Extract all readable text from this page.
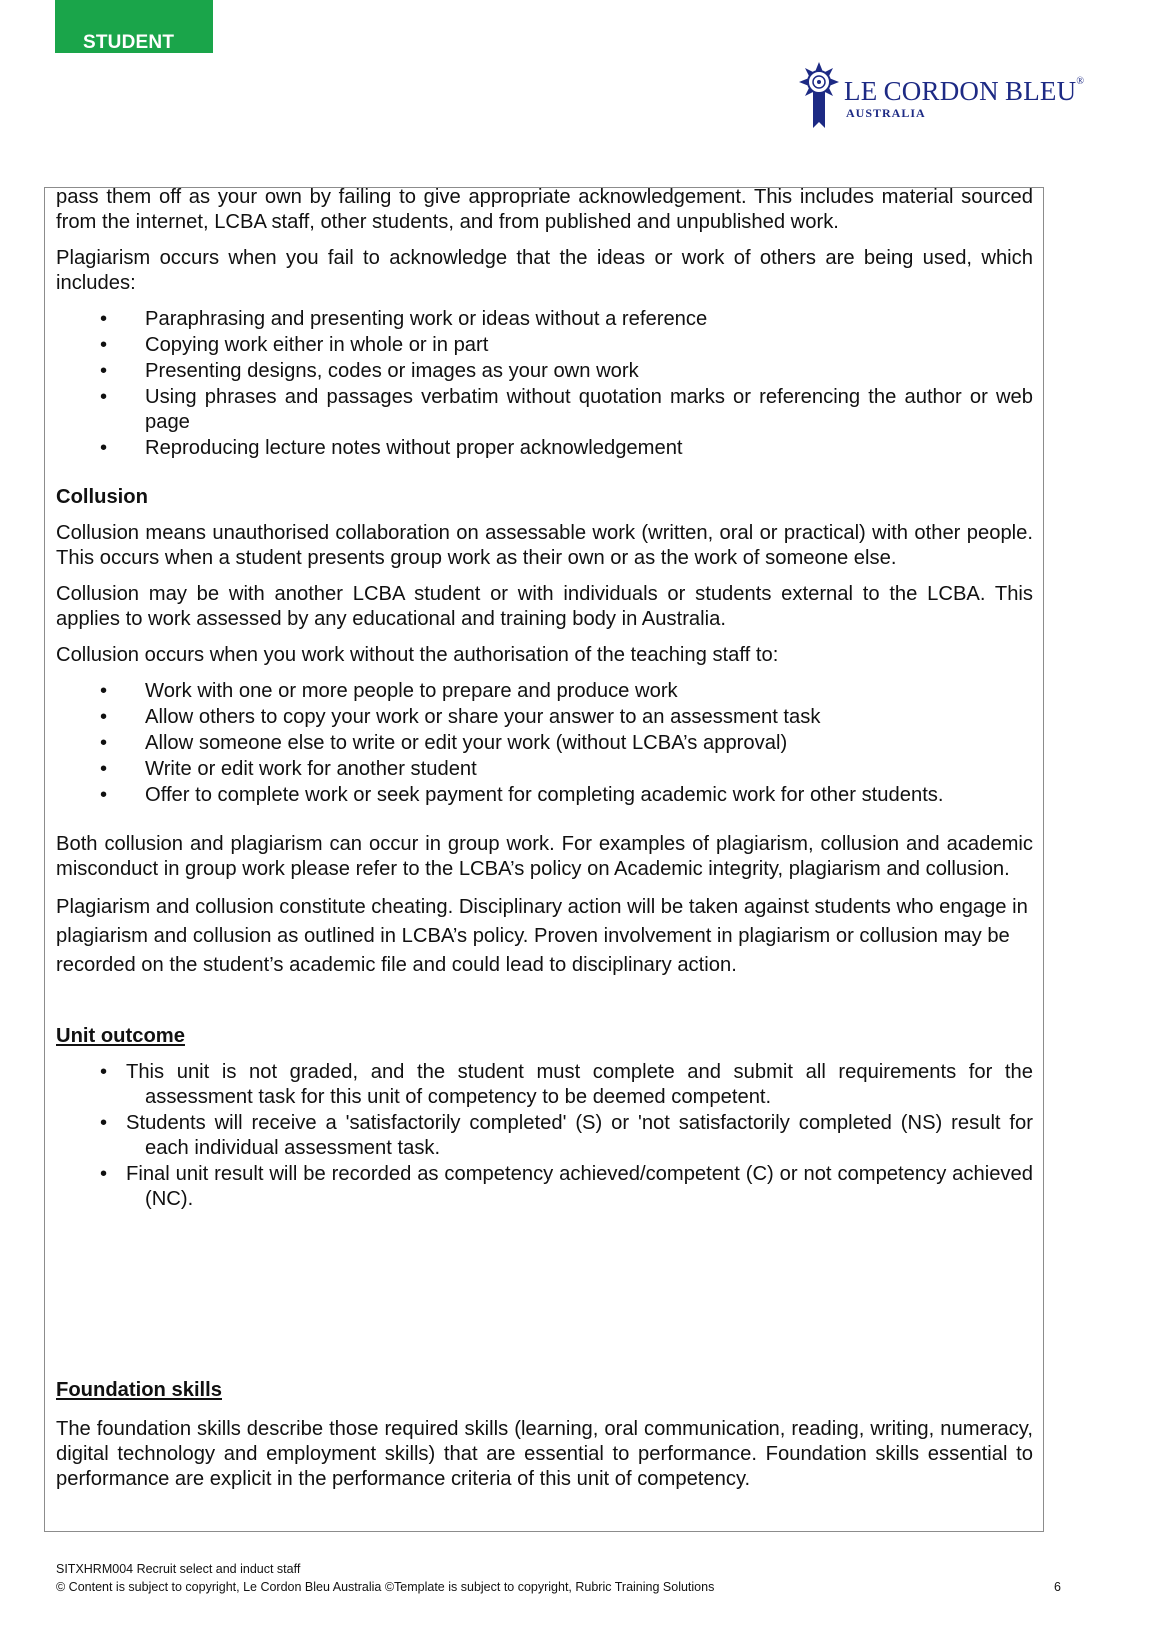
STUDENT
LE CORDON BLEU®
AUSTRALIA

pass them off as your own by failing to give appropriate acknowledgement. This includes material sourced from the internet, LCBA staff, other students, and from published and unpublished work.

Plagiarism occurs when you fail to acknowledge that the ideas or work of others are being used, which includes:

• Paraphrasing and presenting work or ideas without a reference
• Copying work either in whole or in part
• Presenting designs, codes or images as your own work
• Using phrases and passages verbatim without quotation marks or referencing the author or web page
• Reproducing lecture notes without proper acknowledgement
Collusion

Collusion means unauthorised collaboration on assessable work (written, oral or practical) with other people. This occurs when a student presents group work as their own or as the work of someone else.

Collusion may be with another LCBA student or with individuals or students external to the LCBA. This applies to work assessed by any educational and training body in Australia.

Collusion occurs when you work without the authorisation of the teaching staff to:

• Work with one or more people to prepare and produce work
• Allow others to copy your work or share your answer to an assessment task
• Allow someone else to write or edit your work (without LCBA’s approval)
• Write or edit work for another student
• Offer to complete work or seek payment for completing academic work for other students.

Both collusion and plagiarism can occur in group work. For examples of plagiarism, collusion and academic misconduct in group work please refer to the LCBA’s policy on Academic integrity, plagiarism and collusion.

Plagiarism and collusion constitute cheating. Disciplinary action will be taken against students who engage in plagiarism and collusion as outlined in LCBA’s policy. Proven involvement in plagiarism or collusion may be recorded on the student’s academic file and could lead to disciplinary action.

Unit outcome
• This unit is not graded, and the student must complete and submit all requirements for the assessment task for this unit of competency to be deemed competent.
• Students will receive a 'satisfactorily completed' (S) or 'not satisfactorily completed (NS) result for each individual assessment task.
• Final unit result will be recorded as competency achieved/competent (C) or not competency achieved (NC).
Foundation skills

The foundation skills describe those required skills (learning, oral communication, reading, writing, numeracy, digital technology and employment skills) that are essential to performance. Foundation skills essential to performance are explicit in the performance criteria of this unit of competency.

SITXHRM004 Recruit select and induct staff
© Content is subject to copyright, Le Cordon Bleu Australia ©Template is subject to copyright, Rubric Training Solutions	6
